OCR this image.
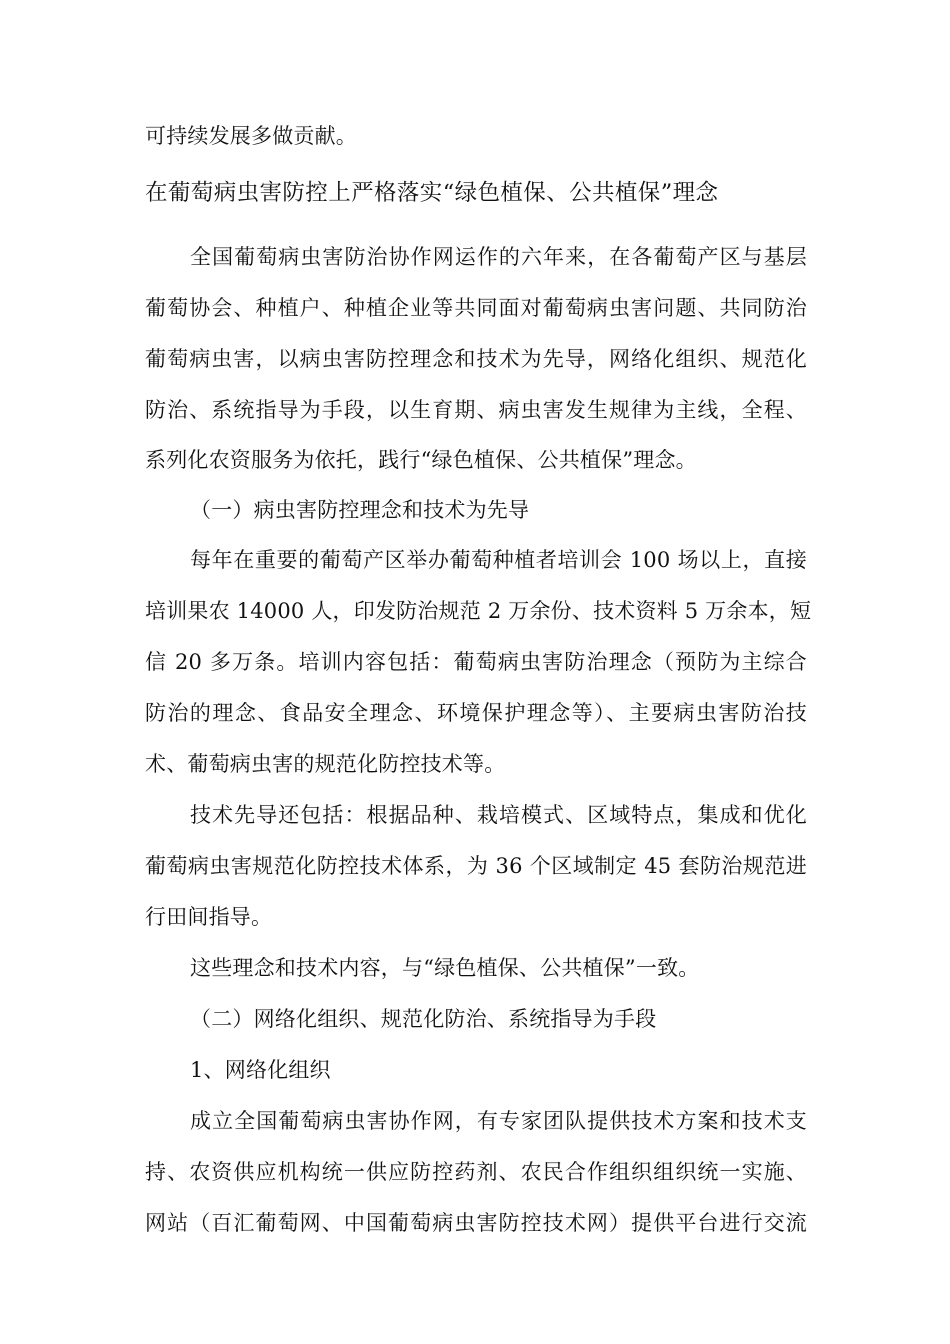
可持续发展多做贡献。
在葡萄病虫害防控上严格落实“绿色植保、公共植保”理念
全国葡萄病虫害防治协作网运作的六年来，在各葡萄产区与基层
葡萄协会、种植户、种植企业等共同面对葡萄病虫害问题、共同防治
葡萄病虫害，以病虫害防控理念和技术为先导，网络化组织、规范化
防治、系统指导为手段，以生育期、病虫害发生规律为主线，全程、
系列化农资服务为依托，践行“绿色植保、公共植保”理念。
（一）病虫害防控理念和技术为先导
每年在重要的葡萄产区举办葡萄种植者培训会 100 场以上，直接
培训果农 14000 人，印发防治规范 2 万余份、技术资料 5 万余本，短
信 20 多万条。培训内容包括：葡萄病虫害防治理念（预防为主综合
防治的理念、食品安全理念、环境保护理念等）、主要病虫害防治技
术、葡萄病虫害的规范化防控技术等。
技术先导还包括：根据品种、栽培模式、区域特点，集成和优化
葡萄病虫害规范化防控技术体系，为 36 个区域制定 45 套防治规范进
行田间指导。
这些理念和技术内容，与“绿色植保、公共植保”一致。
（二）网络化组织、规范化防治、系统指导为手段
1、网络化组织
成立全国葡萄病虫害协作网，有专家团队提供技术方案和技术支
持、农资供应机构统一供应防控药剂、农民合作组织组织统一实施、
网站（百汇葡萄网、中国葡萄病虫害防控技术网）提供平台进行交流
